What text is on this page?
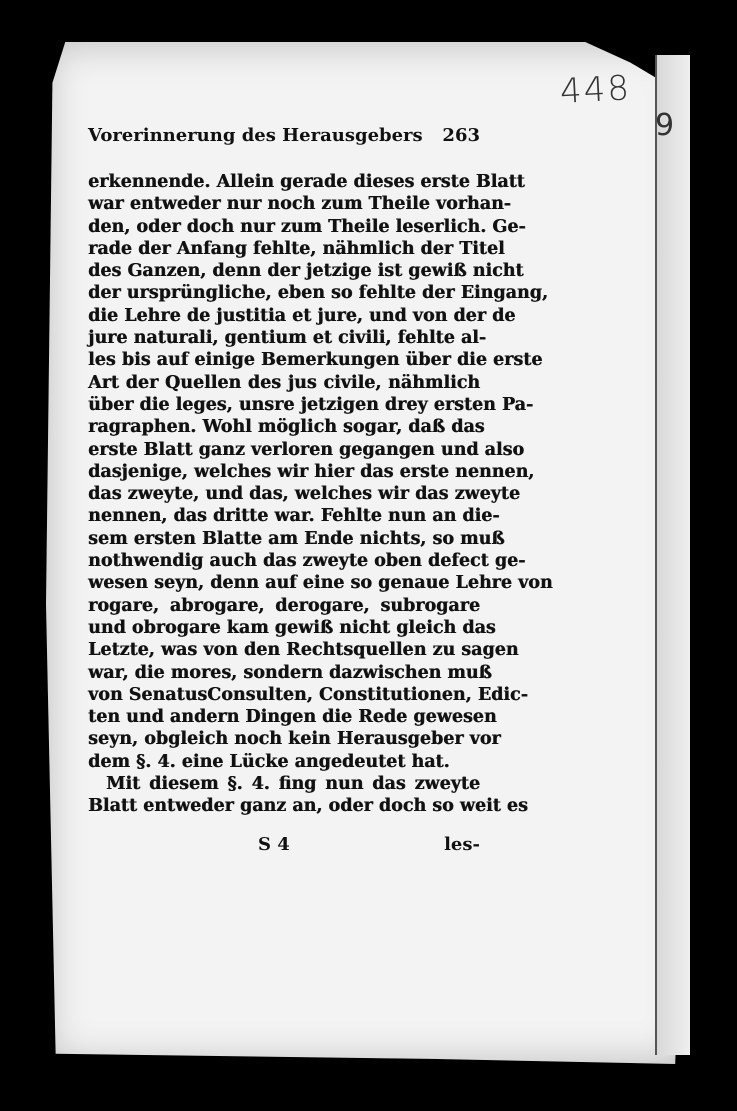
448
9
Vorerinnerung des Herausgebers 263
erkennende. Allein gerade dieses erste Blatt
war entweder nur noch zum Theile vorhan-
den, oder doch nur zum Theile leserlich. Ge-
rade der Anfang fehlte, nähmlich der Titel
des Ganzen, denn der jetzige ist gewiß nicht
der ursprüngliche, eben so fehlte der Eingang,
die Lehre de justitia et jure, und von der de
jure naturali, gentium et civili, fehlte al-
les bis auf einige Bemerkungen über die erste
Art der Quellen des jus civile, nähmlich
über die leges, unsre jetzigen drey ersten Pa-
ragraphen. Wohl möglich sogar, daß das
erste Blatt ganz verloren gegangen und also
dasjenige, welches wir hier das erste nennen,
das zweyte, und das, welches wir das zweyte
nennen, das dritte war. Fehlte nun an die-
sem ersten Blatte am Ende nichts, so muß
nothwendig auch das zweyte oben defect ge-
wesen seyn, denn auf eine so genaue Lehre von
rogare, abrogare, derogare, subrogare
und obrogare kam gewiß nicht gleich das
Letzte, was von den Rechtsquellen zu sagen
war, die mores, sondern dazwischen muß
von SenatusConsulten, Constitutionen, Edic-
ten und andern Dingen die Rede gewesen
seyn, obgleich noch kein Herausgeber vor
dem §. 4. eine Lücke angedeutet hat.
Mit diesem §. 4. fing nun das zweyte
Blatt entweder ganz an, oder doch so weit es
S 4	les-
